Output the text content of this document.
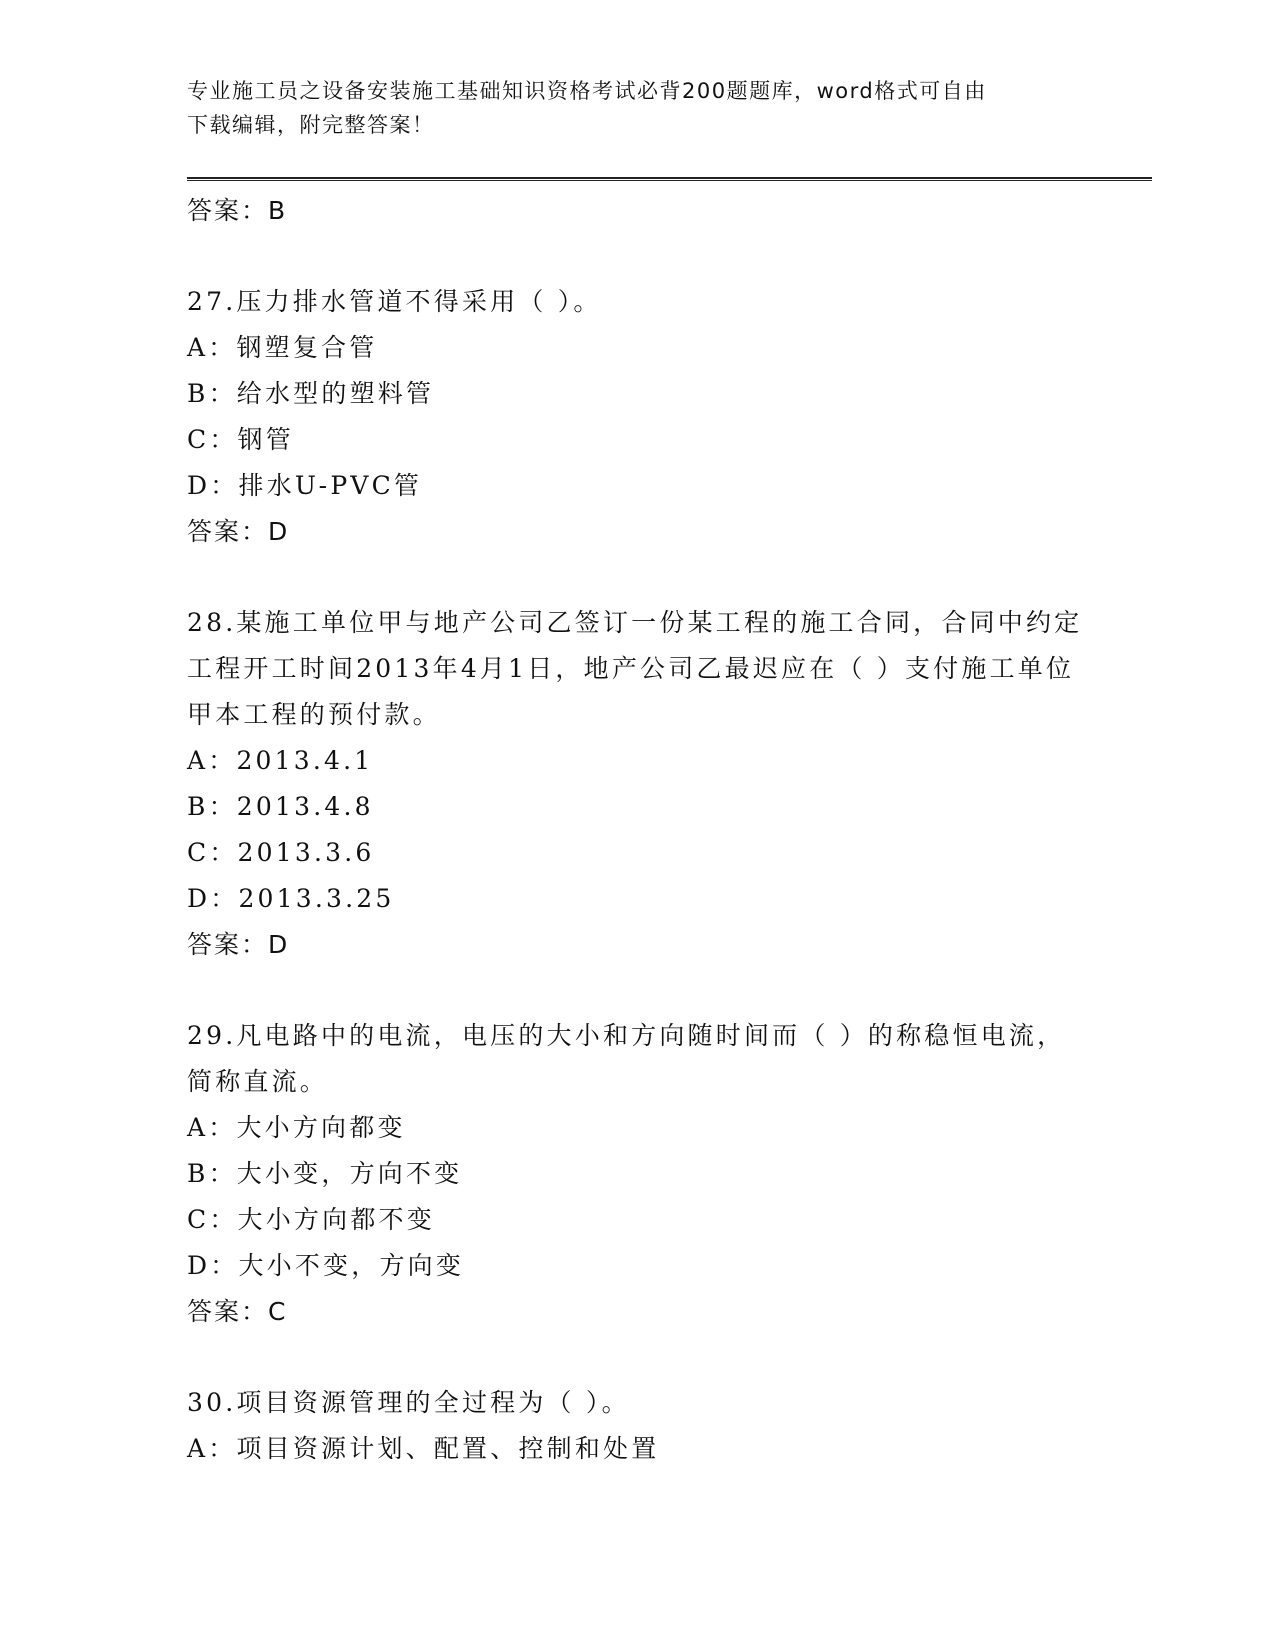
专业施工员之设备安装施工基础知识资格考试必背200题题库，word格式可自由
下载编辑，附完整答案！
答案：B
27.压力排水管道不得采用（ ）。
A：钢塑复合管
B：给水型的塑料管
C：钢管
D：排水U-PVC管
答案：D
28.某施工单位甲与地产公司乙签订一份某工程的施工合同，合同中约定工程开工时间2013年4月1日，地产公司乙最迟应在（ ）支付施工单位甲本工程的预付款。
A：2013.4.1
B：2013.4.8
C：2013.3.6
D：2013.3.25
答案：D
29.凡电路中的电流，电压的大小和方向随时间而（ ）的称稳恒电流，简称直流。
A：大小方向都变
B：大小变，方向不变
C：大小方向都不变
D：大小不变，方向变
答案：C
30.项目资源管理的全过程为（ ）。
A：项目资源计划、配置、控制和处置
